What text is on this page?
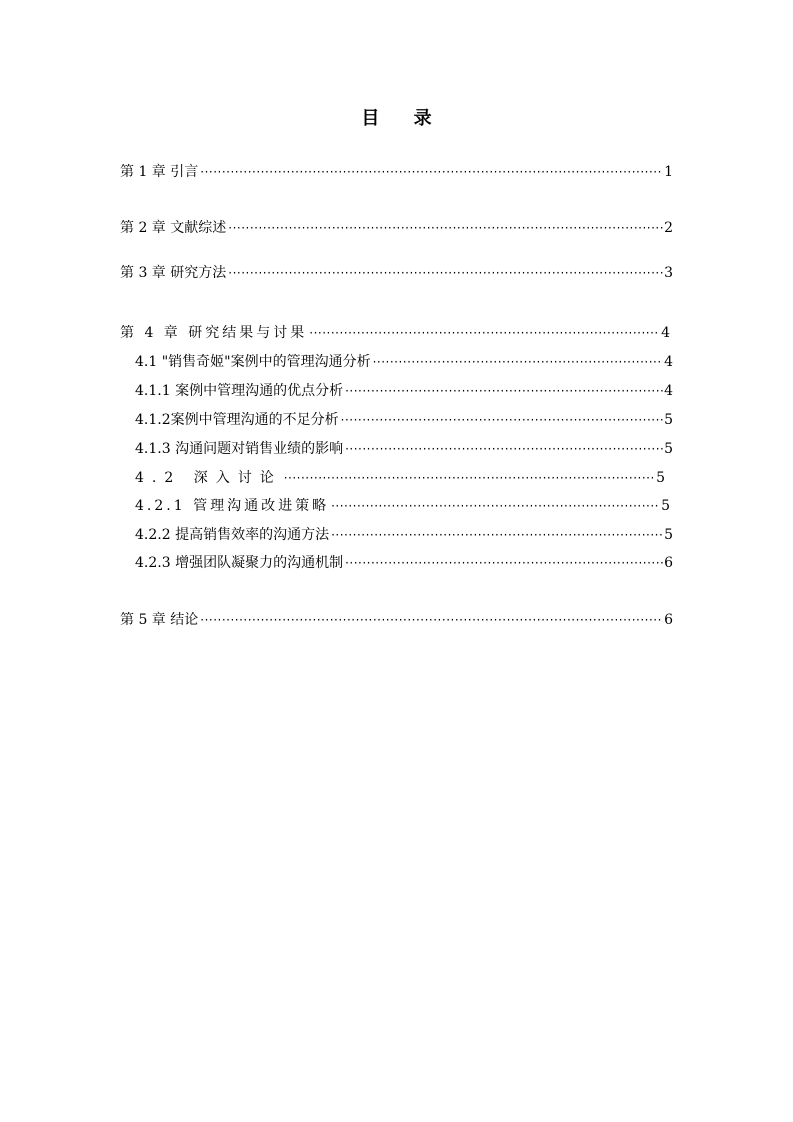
目 录
第 1 章 引言 ·····	1
第 2 章 文献综述 ·····	2
第 3 章 研究方法 ·····	3
第 4 章 研究结果与讨果 ·····	4
4.1 "销售奇姬"案例中的管理沟通分析 ·····	4
4.1.1 案例中管理沟通的优点分析 ·····	4
4.1.2案例中管理沟通的不足分析 ·····	5
4.1.3 沟通问题对销售业绩的影响 ·····	5
4.2 深入讨论 ·····	5
4.2.1 管理沟通改进策略 ·····	5
4.2.2 提高销售效率的沟通方法 ·····	5
4.2.3 增强团队凝聚力的沟通机制 ·····	6
第 5 章 结论 ·····	6
